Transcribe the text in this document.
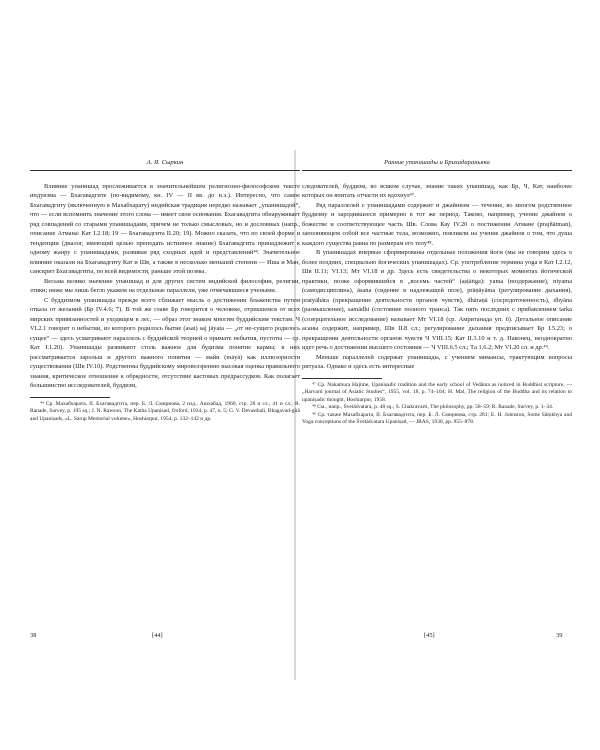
А. Я. Сыркин

Влияние упанишад прослеживается в значительнейшем религиозно-философском тексте индуизма — Бхагавадгите (по-видимому, кн. IV — II вв. до н.э.). Интересно, что самое Бхагавадгиту (включенную в Махабхарату) индийская традиция нередко называет „упанишадой“, что — если вспомнить значение этого слова — имеет свои основания. Бхагавадгита обнаруживает ряд совпадений со старыми упанишадами, причем не только смысловых, но и дословных (напр., описание Атмана: Кат I.2.18; 19 — Бхагавадгита II.20; 19). Можно сказать, что по своей форме и тенденции (диалог, имеющий целью преподать истинное знание) Бхагавадгита принадлежит к одному жанру с упанишадами, развивая ряд сходных идей и представлений⁴⁴. Значительное влияние оказали на Бхагавадгиту Кат и Шв, а также в несколько меньшей степени — Иша и Ман, санскрит Бхагавадгиты, по всей видимости, раньше этой поэмы.

Весьма велико значение упанишад и для других систем индийской философии, религии, этики; ниже мы лишь бегло укажем на отдельные параллели, уже отмечавшиеся учеными.

С буддизмом упанишады прежде всего сближает мысль о достижении блаженства путем отказа от желаний (Бр IV.4.6; 7). В той же главе Бр говорится о человеке, отрекшемся от всех мирских привязанностей и уходящем в лес, — образ этот знаком многим буддийским текстам. Ч VI.2.1 говорит о небытии, из которого родилось бытие (asat) saj jāyata — „от не-сущего родилось сущее“ — здесь усматривают параллель с буддийской теорией о примате небытия, пустоты — ср. Кат I.1.20). Упанишады развивают столь важное для будизма понятие кармы; в них рассматривается зарольш и другого важного понятия — майи (māyā) как иллюзорности существования (Шв IV.10). Родственны буддийскому мировоззрению высокая оценка правильного знания, критическое отношение к обрядности, отсутствие кастовых предрассудков. Как полагает большинство исследователей, буддизм,

⁴⁴ Ср. Махабхарата, II. Бхагавадгита, пер. Б. Л. Смирнова, 2 изд., Ашхабад, 1960, стр. 28 и сл.; 41 и сл.; R. Ranade, Survey, р. 195 sq.; J. N. Rawson, The Katha Upanisad, Oxford, 1934, р. 47, n. 5; G. V. Devasthali, Bhagavad-gītā and Upaniṣads, «L. Sarup Memorial volume», Hoshiarpur, 1954, р. 132–142 и др.

Ранние упанишады и Брихадараньяка

следователей, буддизм, во всяком случае, знание таких упанишад, как Бр, Ч, Кат, наиболее которых он впитать отчасти их вдохнул⁴⁷.

Ряд параллелей с упанишадами содержит и джайнизм — течение, во многом родственное буддизму и зародившееся примерно в тот же период. Таково, например, учение джайнов о божестве и соответствующее часть Шв. Слова Кау IV.20 о постижении Атмане (prajñātman), заполняющем собой все частные тела, возможно, повлияли на учение джайнов о том, что душа каждого существа равна по размерам его телу⁴⁸.

В упанишадах впервые сформированы отдельные положения йоги (мы не говорим здесь о более поздних, специально йогических упанишадах). Ср. употребление термина yoga в Кат I.2.12, Шв II.11; VI.13; Мт VI.18 и др. Здесь есть свидетельства о некоторых моментах йогической практики, позже оформившейся в „восемь частей“ (aṣṭāṅga): yama (воздержание), niyama (самодисциплина), āsana (сидение в надлежащей позе), prāṇāyāma (регулирование дыхания), pratyāhāra (прекращение деятельности органов чувств), dhāraṇā (сосредоточенность), dhyāna (размышление), samādhi (состояние полного транса). Так пять последних с прибавлением tarka (созерцательное исследование) называет Мт VI.18 (ср. Амританада уп. 6). Детальное описание асаны содержит, например, Шв II.8 сл.; регулирование дыхания предписывает Бр I.5.23; о прекращении деятельности органов чувств Ч VIII.15; Кат II.3.10 и т. д. Наконец, неоднократно идет речь о достижении высшего состояния — Ч VIII.6.5 сл.; Тa 1.6.2; Мт VI.20 сл. и др.⁴⁹.

Меньше параллелей содержат упанишады, с учением мимансы, трактующим вопросы ритуала. Однако и здесь есть интересные

⁴⁷ Ср. Nakamura Hajime, Upaniṣadic tradition and the early school of Vedānta as noticed in Buddhist scripture, — „Harvard journal of Asiatic Studies“, 1955, vol. 18, р. 74–104; H. Mal, The religion of the Buddha and its relation to upaniṣadic thought, Hoshiarpur, 1958.

⁴⁸ См., напр., Śvetāśvatara, р. 48 sq.; S. Chakravarti, The philosophy, рр. 58–59; R. Ranade, Survey, р. 1–34.

⁴⁹ Ср. также Махабхарата, II. Бхагавадгита, пер. Б. Л. Смирнова, стр. 281; E. H. Johnston, Some Sāṃkhya and Yoga conceptions of the Śvetāśvatara Upaniṣad, — JRAS, 1930, рр. 855–878.

38	[44]	[45]	39
